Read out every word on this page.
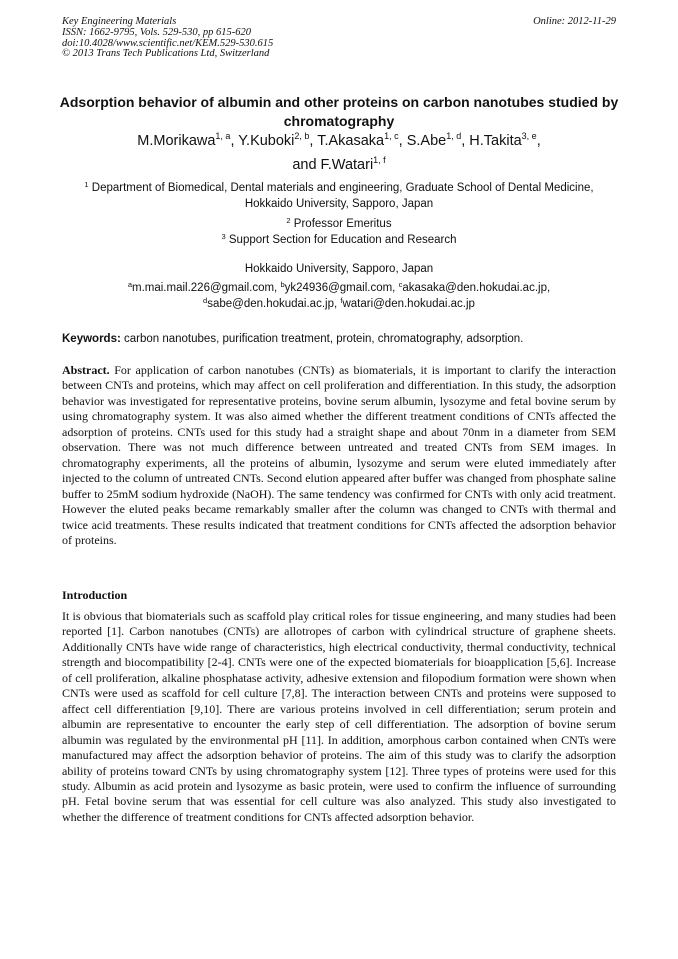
Key Engineering Materials
ISSN: 1662-9795, Vols. 529-530, pp 615-620
doi:10.4028/www.scientific.net/KEM.529-530.615
© 2013 Trans Tech Publications Ltd, Switzerland
Online: 2012-11-29
Adsorption behavior of albumin and other proteins on carbon nanotubes studied by chromatography
M.Morikawa$^{1, a}$, Y.Kuboki$^{2, b}$, T.Akasaka$^{1, c}$, S.Abe$^{1, d}$, H.Takita$^{3, e}$,
and F.Watari$^{1, f}$
$^1$ Department of Biomedical, Dental materials and engineering, Graduate School of Dental Medicine, Hokkaido University, Sapporo, Japan
$^2$ Professor Emeritus
$^3$ Support Section for Education and Research
Hokkaido University, Sapporo, Japan
$^a$m.mai.mail.226@gmail.com, $^b$yk24936@gmail.com, $^c$akasaka@den.hokudai.ac.jp,
$^d$sabe@den.hokudai.ac.jp, $^f$watari@den.hokudai.ac.jp
Keywords: carbon nanotubes, purification treatment, protein, chromatography, adsorption.
Abstract. For application of carbon nanotubes (CNTs) as biomaterials, it is important to clarify the interaction between CNTs and proteins, which may affect on cell proliferation and differentiation. In this study, the adsorption behavior was investigated for representative proteins, bovine serum albumin, lysozyme and fetal bovine serum by using chromatography system. It was also aimed whether the different treatment conditions of CNTs affected the adsorption of proteins. CNTs used for this study had a straight shape and about 70nm in a diameter from SEM observation. There was not much difference between untreated and treated CNTs from SEM images. In chromatography experiments, all the proteins of albumin, lysozyme and serum were eluted immediately after injected to the column of untreated CNTs. Second elution appeared after buffer was changed from phosphate saline buffer to 25mM sodium hydroxide (NaOH). The same tendency was confirmed for CNTs with only acid treatment. However the eluted peaks became remarkably smaller after the column was changed to CNTs with thermal and twice acid treatments. These results indicated that treatment conditions for CNTs affected the adsorption behavior of proteins.
Introduction
It is obvious that biomaterials such as scaffold play critical roles for tissue engineering, and many studies had been reported [1]. Carbon nanotubes (CNTs) are allotropes of carbon with cylindrical structure of graphene sheets. Additionally CNTs have wide range of characteristics, high electrical conductivity, thermal conductivity, technical strength and biocompatibility [2-4]. CNTs were one of the expected biomaterials for bioapplication [5,6]. Increase of cell proliferation, alkaline phosphatase activity, adhesive extension and filopodium formation were shown when CNTs were used as scaffold for cell culture [7,8]. The interaction between CNTs and proteins were supposed to affect cell differentiation [9,10]. There are various proteins involved in cell differentiation; serum protein and albumin are representative to encounter the early step of cell differentiation. The adsorption of bovine serum albumin was regulated by the environmental pH [11]. In addition, amorphous carbon contained when CNTs were manufactured may affect the adsorption behavior of proteins. The aim of this study was to clarify the adsorption ability of proteins toward CNTs by using chromatography system [12]. Three types of proteins were used for this study. Albumin as acid protein and lysozyme as basic protein, were used to confirm the influence of surrounding pH. Fetal bovine serum that was essential for cell culture was also analyzed. This study also investigated to whether the difference of treatment conditions for CNTs affected adsorption behavior.
